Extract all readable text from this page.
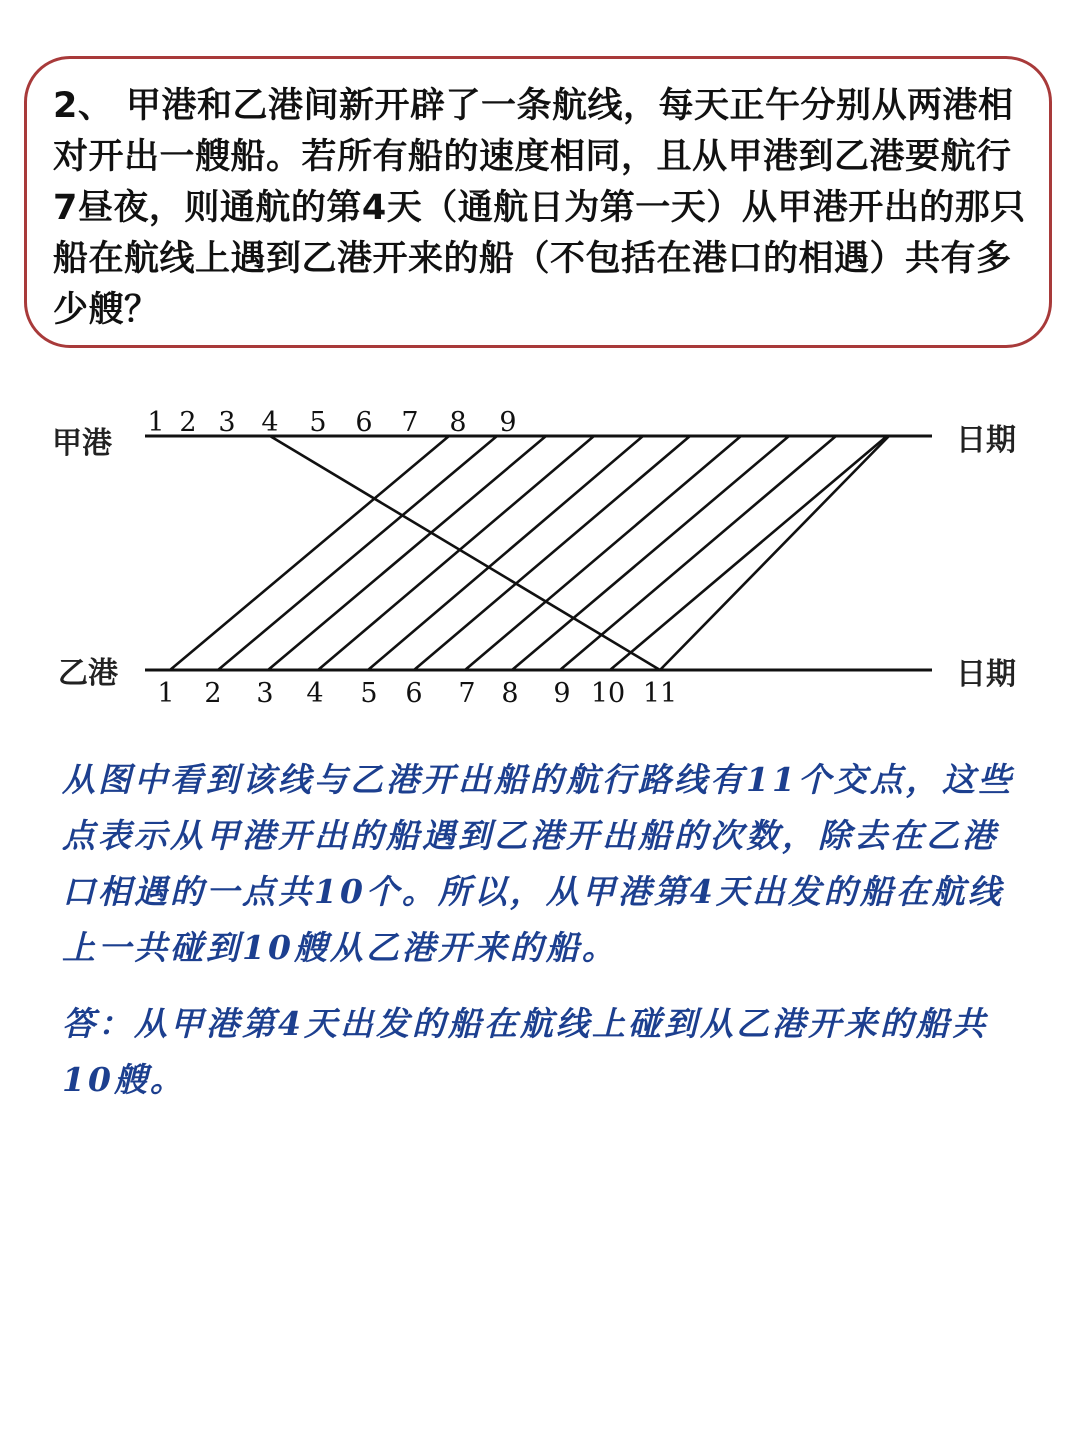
2、 甲港和乙港间新开辟了一条航线，每天正午分别从两港相对开出一艘船。若所有船的速度相同，且从甲港到乙港要航行7昼夜，则通航的第4天（通航日为第一天）从甲港开出的那只船在航线上遇到乙港开来的船（不包括在港口的相遇）共有多少艘？
甲港
乙港
日期
日期
1 2 3 4 5 6 7 8 9
1 2 3 4 5 6 7 8 9 10 11

从图中看到该线与乙港开出船的航行路线有11个交点，这些点表示从甲港开出的船遇到乙港开出船的次数，除去在乙港口相遇的一点共10个。所以，从甲港第4天出发的船在航线上一共碰到10艘从乙港开来的船。

答：从甲港第4天出发的船在航线上碰到从乙港开来的船共10艘。
